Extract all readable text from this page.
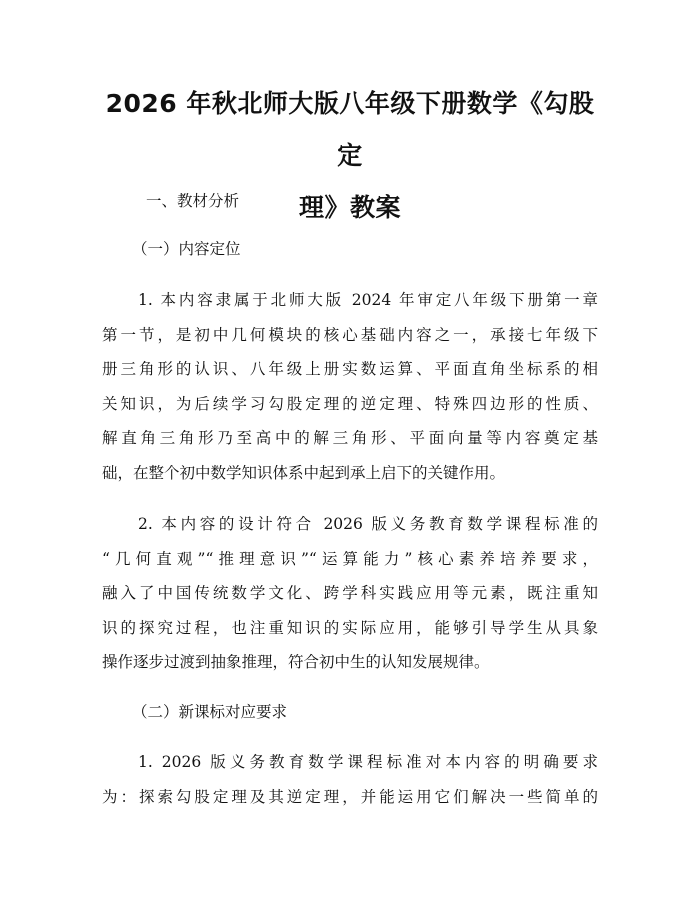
2026 年秋北师大版八年级下册数学《勾股定
理》教案
一、教材分析
（一）内容定位
1. 本内容隶属于北师大版 2024 年审定八年级下册第一章
第一节，是初中几何模块的核心基础内容之一，承接七年级下
册三角形的认识、八年级上册实数运算、平面直角坐标系的相
关知识，为后续学习勾股定理的逆定理、特殊四边形的性质、
解直角三角形乃至高中的解三角形、平面向量等内容奠定基
础，在整个初中数学知识体系中起到承上启下的关键作用。
2. 本内容的设计符合 2026 版义务教育数学课程标准的
“几何直观”“推理意识”“运算能力”核心素养培养要求，
融入了中国传统数学文化、跨学科实践应用等元素，既注重知
识的探究过程，也注重知识的实际应用，能够引导学生从具象
操作逐步过渡到抽象推理，符合初中生的认知发展规律。
（二）新课标对应要求
1. 2026 版义务教育数学课程标准对本内容的明确要求
为：探索勾股定理及其逆定理，并能运用它们解决一些简单的
